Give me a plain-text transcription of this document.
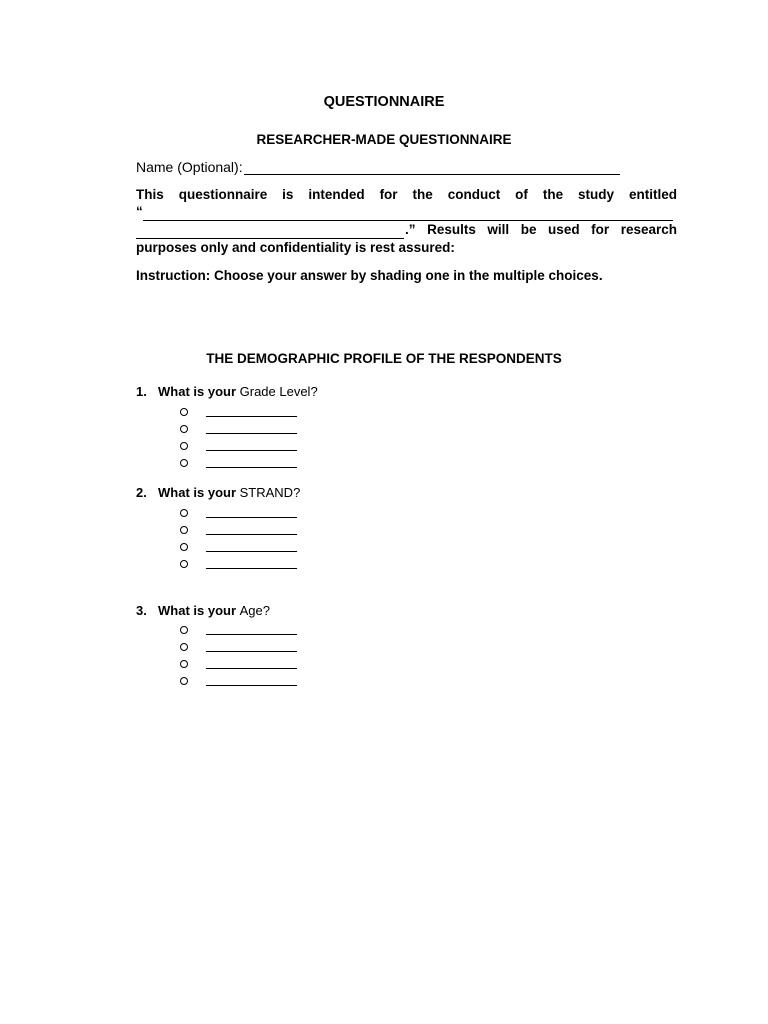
QUESTIONNAIRE
RESEARCHER-MADE QUESTIONNAIRE
Name (Optional):
This questionnaire is intended for the conduct of the study entitled
“
.” Results will be used for research
purposes only and confidentiality is rest assured:
Instruction: Choose your answer by shading one in the multiple choices.
THE DEMOGRAPHIC PROFILE OF THE RESPONDENTS
1. What is your Grade Level?
2. What is your STRAND?
3. What is your Age?
